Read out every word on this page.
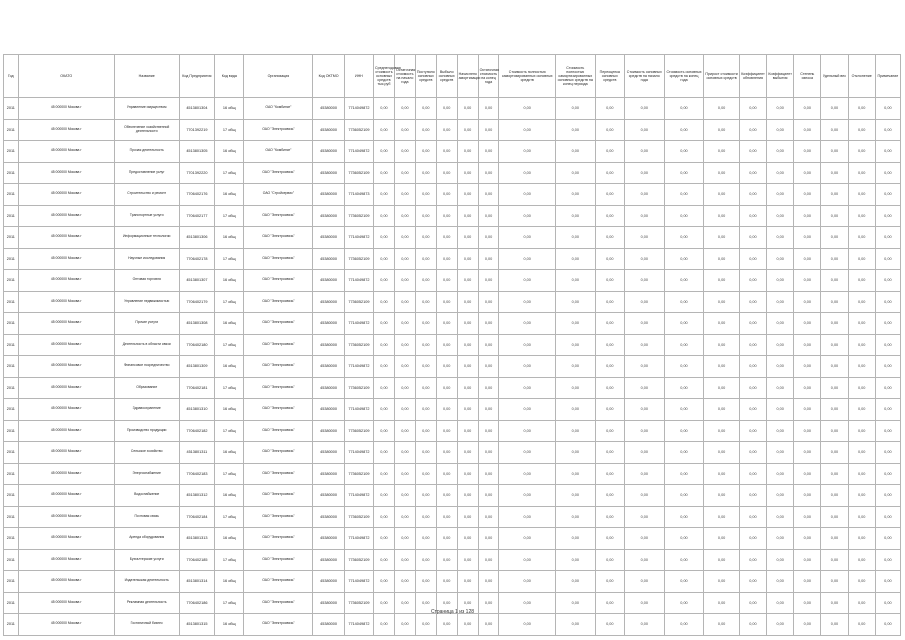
Год	ОКАТО	Название	Код Предприятия	Код вида	Организация	Код ОКТМО	ИНН	Среднегодовая стоимость основных средств тыс.руб	Остаточная стоимость на начало года	Поступило основных средств	Выбыло основных средств	Начислено амортизации	Остаточная стоимость на конец года	Стоимость полностью самортизированных основных средств	Стоимость полностью самортизированных основных средств на конец периода	Переоценка основных средств	Стоимость основных средств на начало года	Стоимость основных средств на конец года	Прирост стоимости основных средств	Коэффициент обновления	Коэффициент выбытия	Степень износа	Удельный вес	Отклонение	Примечание
2011	45 000000 Москва г	Управление имуществом	4513801304	16 общ	ОАО "Комбинат"	45380000	7714049872	0,00	0,00	0,00	0,00	0,00	0,00	0,00	0,00	0,00	0,00	0,00	0,00	0,00	0,00	0,00	0,00	0,00	0,00
2011	45 000000 Москва г	Обеспечение хозяйственной деятельности	7701392219	17 общ	ОАО "Электросвязь"	45380000	7736052109	0,00	0,00	0,00	0,00	0,00	0,00	0,00	0,00	0,00	0,00	0,00	0,00	0,00	0,00	0,00	0,00	0,00	0,00
2011	45 000000 Москва г	Прочая деятельность	4513801305	16 общ	ОАО "Комбинат"	45380000	7714049872	0,00	0,00	0,00	0,00	0,00	0,00	0,00	0,00	0,00	0,00	0,00	0,00	0,00	0,00	0,00	0,00	0,00	0,00
2011	45 000000 Москва г	Предоставление услуг	7701392220	17 общ	ОАО "Электросвязь"	45380000	7736052109	0,00	0,00	0,00	0,00	0,00	0,00	0,00	0,00	0,00	0,00	0,00	0,00	0,00	0,00	0,00	0,00	0,00	0,00
2011	45 000000 Москва г	Строительство и ремонт	7706402176	16 общ	ОАО "Стройсервис"	45380000	7714049873	0,00	0,00	0,00	0,00	0,00	0,00	0,00	0,00	0,00	0,00	0,00	0,00	0,00	0,00	0,00	0,00	0,00	0,00
2011	45 000000 Москва г	Транспортные услуги	7706402177	17 общ	ОАО "Электросвязь"	45380000	7736052109	0,00	0,00	0,00	0,00	0,00	0,00	0,00	0,00	0,00	0,00	0,00	0,00	0,00	0,00	0,00	0,00	0,00	0,00
2011	45 000000 Москва г	Информационные технологии	4513801306	16 общ	ОАО "Электросвязь"	45380000	7714049872	0,00	0,00	0,00	0,00	0,00	0,00	0,00	0,00	0,00	0,00	0,00	0,00	0,00	0,00	0,00	0,00	0,00	0,00
2011	45 000000 Москва г	Научные исследования	7706402178	17 общ	ОАО "Электросвязь"	45380000	7736052109	0,00	0,00	0,00	0,00	0,00	0,00	0,00	0,00	0,00	0,00	0,00	0,00	0,00	0,00	0,00	0,00	0,00	0,00
2011	45 000000 Москва г	Оптовая торговля	4513801307	16 общ	ОАО "Электросвязь"	45380000	7714049872	0,00	0,00	0,00	0,00	0,00	0,00	0,00	0,00	0,00	0,00	0,00	0,00	0,00	0,00	0,00	0,00	0,00	0,00
2011	45 000000 Москва г	Управление недвижимостью	7706402179	17 общ	ОАО "Электросвязь"	45380000	7736052109	0,00	0,00	0,00	0,00	0,00	0,00	0,00	0,00	0,00	0,00	0,00	0,00	0,00	0,00	0,00	0,00	0,00	0,00
2011	45 000000 Москва г	Прочие услуги	4513801308	16 общ	ОАО "Электросвязь"	45380000	7714049872	0,00	0,00	0,00	0,00	0,00	0,00	0,00	0,00	0,00	0,00	0,00	0,00	0,00	0,00	0,00	0,00	0,00	0,00
2011	45 000000 Москва г	Деятельность в области связи	7706402180	17 общ	ОАО "Электросвязь"	45380000	7736052109	0,00	0,00	0,00	0,00	0,00	0,00	0,00	0,00	0,00	0,00	0,00	0,00	0,00	0,00	0,00	0,00	0,00	0,00
2011	45 000000 Москва г	Финансовое посредничество	4513801309	16 общ	ОАО "Электросвязь"	45380000	7714049872	0,00	0,00	0,00	0,00	0,00	0,00	0,00	0,00	0,00	0,00	0,00	0,00	0,00	0,00	0,00	0,00	0,00	0,00
2011	45 000000 Москва г	Образование	7706402181	17 общ	ОАО "Электросвязь"	45380000	7736052109	0,00	0,00	0,00	0,00	0,00	0,00	0,00	0,00	0,00	0,00	0,00	0,00	0,00	0,00	0,00	0,00	0,00	0,00
2011	45 000000 Москва г	Здравоохранение	4513801310	16 общ	ОАО "Электросвязь"	45380000	7714049872	0,00	0,00	0,00	0,00	0,00	0,00	0,00	0,00	0,00	0,00	0,00	0,00	0,00	0,00	0,00	0,00	0,00	0,00
2011	45 000000 Москва г	Производство продукции	7706402182	17 общ	ОАО "Электросвязь"	45380000	7736052109	0,00	0,00	0,00	0,00	0,00	0,00	0,00	0,00	0,00	0,00	0,00	0,00	0,00	0,00	0,00	0,00	0,00	0,00
2011	45 000000 Москва г	Сельское хозяйство	4513801311	16 общ	ОАО "Электросвязь"	45380000	7714049872	0,00	0,00	0,00	0,00	0,00	0,00	0,00	0,00	0,00	0,00	0,00	0,00	0,00	0,00	0,00	0,00	0,00	0,00
2011	45 000000 Москва г	Энергоснабжение	7706402183	17 общ	ОАО "Электросвязь"	45380000	7736052109	0,00	0,00	0,00	0,00	0,00	0,00	0,00	0,00	0,00	0,00	0,00	0,00	0,00	0,00	0,00	0,00	0,00	0,00
2011	45 000000 Москва г	Водоснабжение	4513801312	16 общ	ОАО "Электросвязь"	45380000	7714049872	0,00	0,00	0,00	0,00	0,00	0,00	0,00	0,00	0,00	0,00	0,00	0,00	0,00	0,00	0,00	0,00	0,00	0,00
2011	45 000000 Москва г	Почтовая связь	7706402184	17 общ	ОАО "Электросвязь"	45380000	7736052109	0,00	0,00	0,00	0,00	0,00	0,00	0,00	0,00	0,00	0,00	0,00	0,00	0,00	0,00	0,00	0,00	0,00	0,00
2011	45 000000 Москва г	Аренда оборудования	4513801313	16 общ	ОАО "Электросвязь"	45380000	7714049872	0,00	0,00	0,00	0,00	0,00	0,00	0,00	0,00	0,00	0,00	0,00	0,00	0,00	0,00	0,00	0,00	0,00	0,00
2011	45 000000 Москва г	Бухгалтерские услуги	7706402185	17 общ	ОАО "Электросвязь"	45380000	7736052109	0,00	0,00	0,00	0,00	0,00	0,00	0,00	0,00	0,00	0,00	0,00	0,00	0,00	0,00	0,00	0,00	0,00	0,00
2011	45 000000 Москва г	Издательская деятельность	4513801314	16 общ	ОАО "Электросвязь"	45380000	7714049872	0,00	0,00	0,00	0,00	0,00	0,00	0,00	0,00	0,00	0,00	0,00	0,00	0,00	0,00	0,00	0,00	0,00	0,00
2011	45 000000 Москва г	Рекламная деятельность	7706402186	17 общ	ОАО "Электросвязь"	45380000	7736052109	0,00	0,00	0,00	0,00	0,00	0,00	0,00	0,00	0,00	0,00	0,00	0,00	0,00	0,00	0,00	0,00	0,00	0,00
2011	45 000000 Москва г	Гостиничный бизнес	4513801315	16 общ	ОАО "Электросвязь"	45380000	7714049872	0,00	0,00	0,00	0,00	0,00	0,00	0,00	0,00	0,00	0,00	0,00	0,00	0,00	0,00	0,00	0,00	0,00	0,00
Страница 1 из 128
